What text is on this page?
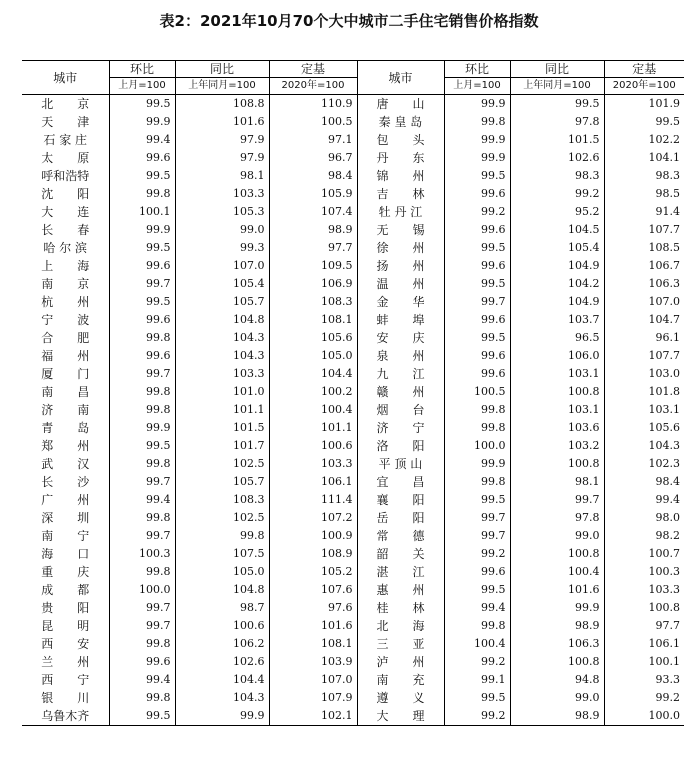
表2：2021年10月70个大中城市二手住宅销售价格指数
城市	环比	同比	定基	城市	环比	同比	定基
	上月=100	上年同月=100	2020年=100		上月=100	上年同月=100	2020年=100
北　　京	99.5	108.8	110.9	唐　　山	99.9	99.5	101.9
天　　津	99.9	101.6	100.5	秦 皇 岛	99.8	97.8	99.5
石 家 庄	99.4	97.9	97.1	包　　头	99.9	101.5	102.2
太　　原	99.6	97.9	96.7	丹　　东	99.9	102.6	104.1
呼和浩特	99.5	98.1	98.4	锦　　州	99.5	98.3	98.3
沈　　阳	99.8	103.3	105.9	吉　　林	99.6	99.2	98.5
大　　连	100.1	105.3	107.4	牡 丹 江	99.2	95.2	91.4
长　　春	99.9	99.0	98.9	无　　锡	99.6	104.5	107.7
哈 尔 滨	99.5	99.3	97.7	徐　　州	99.5	105.4	108.5
上　　海	99.6	107.0	109.5	扬　　州	99.6	104.9	106.7
南　　京	99.7	105.4	106.9	温　　州	99.5	104.2	106.3
杭　　州	99.5	105.7	108.3	金　　华	99.7	104.9	107.0
宁　　波	99.6	104.8	108.1	蚌　　埠	99.6	103.7	104.7
合　　肥	99.8	104.3	105.6	安　　庆	99.5	96.5	96.1
福　　州	99.6	104.3	105.0	泉　　州	99.6	106.0	107.7
厦　　门	99.7	103.3	104.4	九　　江	99.6	103.1	103.0
南　　昌	99.8	101.0	100.2	赣　　州	100.5	100.8	101.8
济　　南	99.8	101.1	100.4	烟　　台	99.8	103.1	103.1
青　　岛	99.9	101.5	101.1	济　　宁	99.8	103.6	105.6
郑　　州	99.5	101.7	100.6	洛　　阳	100.0	103.2	104.3
武　　汉	99.8	102.5	103.3	平 顶 山	99.9	100.8	102.3
长　　沙	99.7	105.7	106.1	宜　　昌	99.8	98.1	98.4
广　　州	99.4	108.3	111.4	襄　　阳	99.5	99.7	99.4
深　　圳	99.8	102.5	107.2	岳　　阳	99.7	97.8	98.0
南　　宁	99.7	99.8	100.9	常　　德	99.7	99.0	98.2
海　　口	100.3	107.5	108.9	韶　　关	99.2	100.8	100.7
重　　庆	99.8	105.0	105.2	湛　　江	99.6	100.4	100.3
成　　都	100.0	104.8	107.6	惠　　州	99.5	101.6	103.3
贵　　阳	99.7	98.7	97.6	桂　　林	99.4	99.9	100.8
昆　　明	99.7	100.6	101.6	北　　海	99.8	98.9	97.7
西　　安	99.8	106.2	108.1	三　　亚	100.4	106.3	106.1
兰　　州	99.6	102.6	103.9	泸　　州	99.2	100.8	100.1
西　　宁	99.4	104.4	107.0	南　　充	99.1	94.8	93.3
银　　川	99.8	104.3	107.9	遵　　义	99.5	99.0	99.2
乌鲁木齐	99.5	99.9	102.1	大　　理	99.2	98.9	100.0
